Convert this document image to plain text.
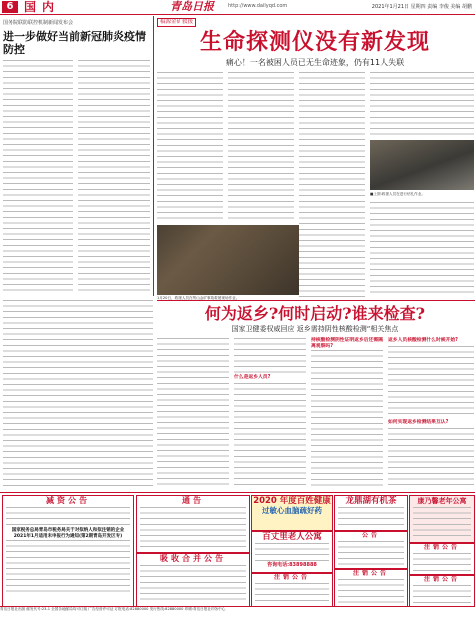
6 国内	青岛日报	http://www.dailyqd.com	2021年1月21日 星期四 责编 李俊 美编 胡鹏
国务院联防联控机制新闻发布会
进一步做好当前新冠肺炎疫情防控
稿源金矿救援
生命探测仪没有新发现
痛心！一名被困人员已无生命迹象，仍有11人失联
1月20日，救援人员在笏山金矿事故救援现场作业。
■上图:救援人员在进行钻孔作业。
何为返乡?何时启动?谁来检查?
国家卫健委权威回应 返乡需持阴性核酸检测“相关焦点
什么是返乡人员?
持核酸检测阴性证明返乡后还需隔离观察吗?
返乡人员核酸检测什么时候开始?
如何实现返乡检测结果互认?
减资公告
国家税务总局青岛市税务局关于对拟纳人和拟注销的企业2021年1月适用未申报行为通知(第2期青岛开发区专)
通告
吸收合并公告
2020 年度百姓健康
过敏心血脑疏好药
百丈里老人公寓
咨询电话:83898888
注销公告
龙鼎湖有机茶
公告
注销公告
康乃馨老年公寓
注销公告
注销公告
青岛日报社出版 邮发代号:23-1 全国各地邮局均可订阅 广告经营许可证 订报电话:82880000 发行热线:82880000 印刷:青岛日报社印务中心
